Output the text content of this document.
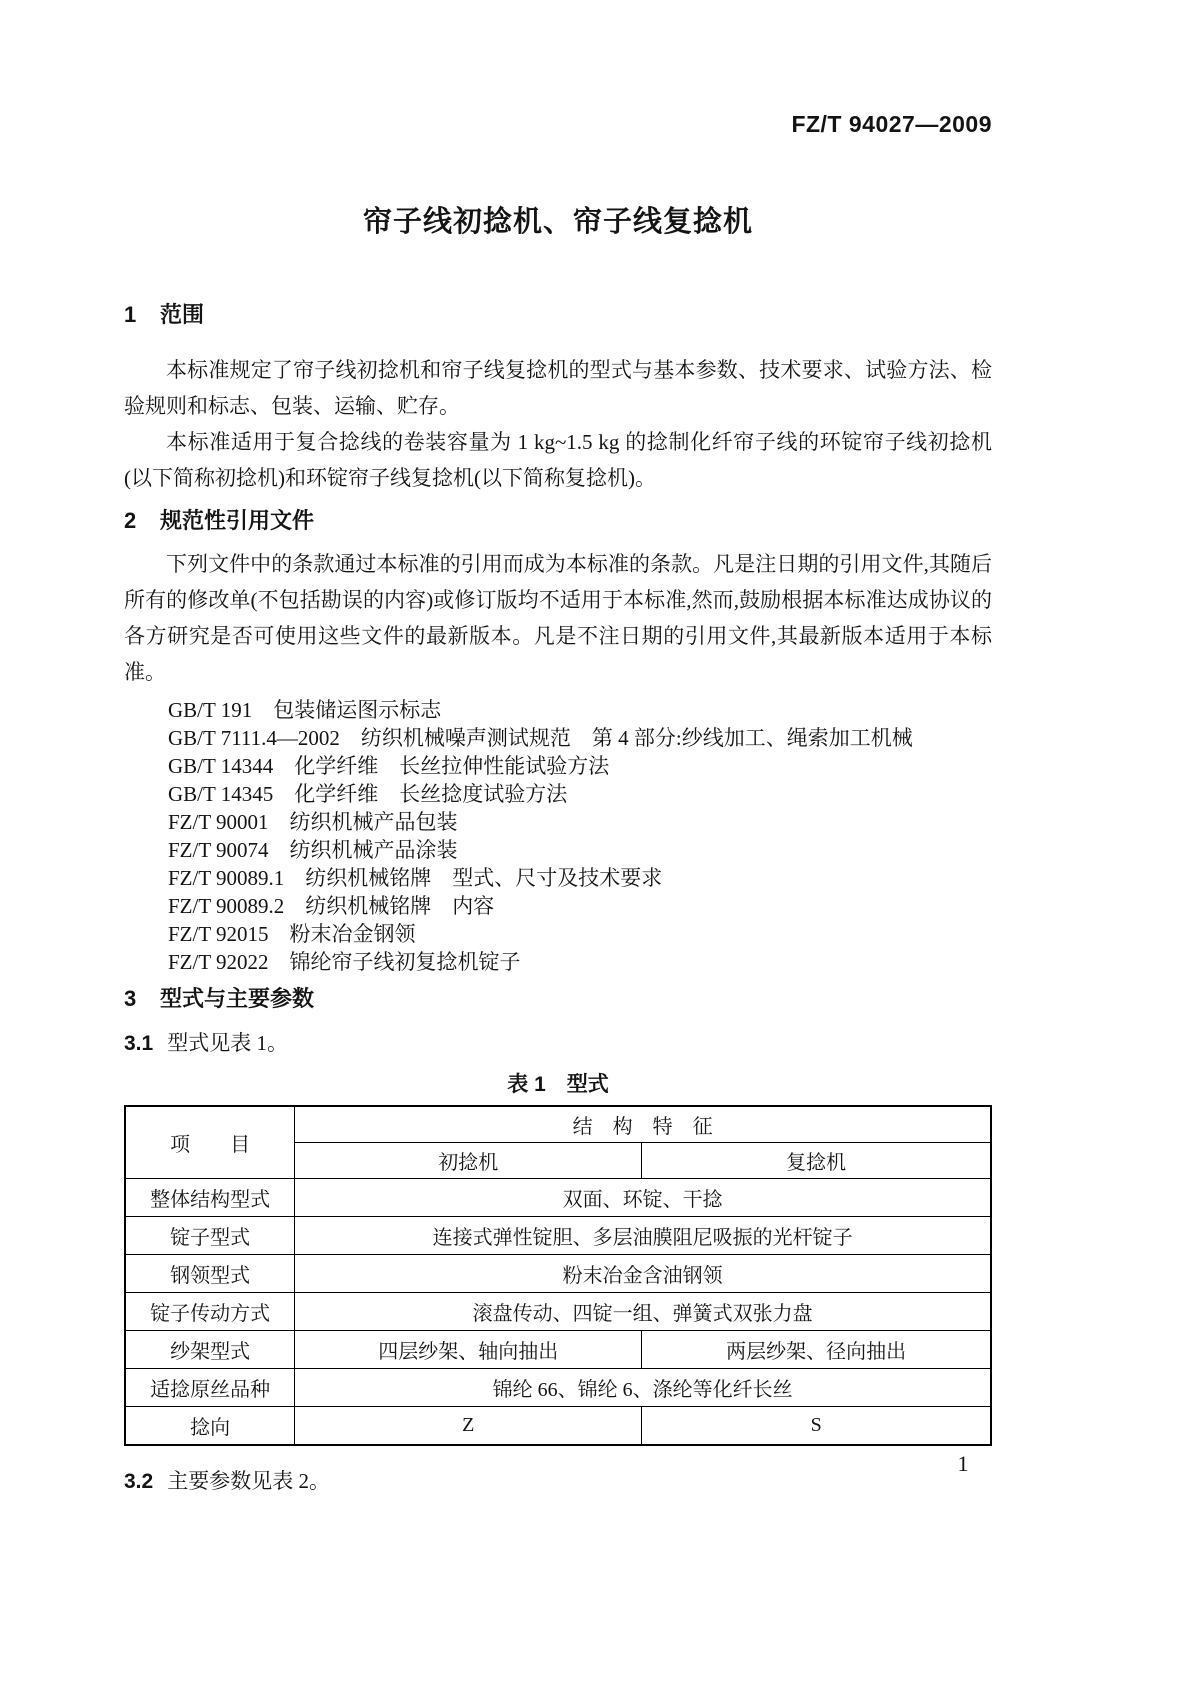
FZ/T 94027—2009
帘子线初捻机、帘子线复捻机
1 范围

本标准规定了帘子线初捻机和帘子线复捻机的型式与基本参数、技术要求、试验方法、检验规则和标志、包装、运输、贮存。

本标准适用于复合捻线的卷装容量为 1 kg~1.5 kg 的捻制化纤帘子线的环锭帘子线初捻机(以下简称初捻机)和环锭帘子线复捻机(以下简称复捻机)。

2 规范性引用文件

下列文件中的条款通过本标准的引用而成为本标准的条款。凡是注日期的引用文件,其随后所有的修改单(不包括勘误的内容)或修订版均不适用于本标准,然而,鼓励根据本标准达成协议的各方研究是否可使用这些文件的最新版本。凡是不注日期的引用文件,其最新版本适用于本标准。

GB/T 191　包装储运图示标志
GB/T 7111.4—2002　纺织机械噪声测试规范　第 4 部分:纱线加工、绳索加工机械
GB/T 14344　化学纤维　长丝拉伸性能试验方法
GB/T 14345　化学纤维　长丝捻度试验方法
FZ/T 90001　纺织机械产品包装
FZ/T 90074　纺织机械产品涂装
FZ/T 90089.1　纺织机械铭牌　型式、尺寸及技术要求
FZ/T 90089.2　纺织机械铭牌　内容
FZ/T 92015　粉末冶金钢领
FZ/T 92022　锦纶帘子线初复捻机锭子
3 型式与主要参数
3.1 型式见表 1。
表 1　型式
项　　目	结　构　特　征	
	初捻机	复捻机
整体结构型式	双面、环锭、干捻	
锭子型式	连接式弹性锭胆、多层油膜阻尼吸振的光杆锭子	
钢领型式	粉末冶金含油钢领	
锭子传动方式	滚盘传动、四锭一组、弹簧式双张力盘	
纱架型式	四层纱架、轴向抽出	两层纱架、径向抽出
适捻原丝品种	锦纶 66、锦纶 6、涤纶等化纤长丝	
捻向	Z	S
3.2 主要参数见表 2。
1
